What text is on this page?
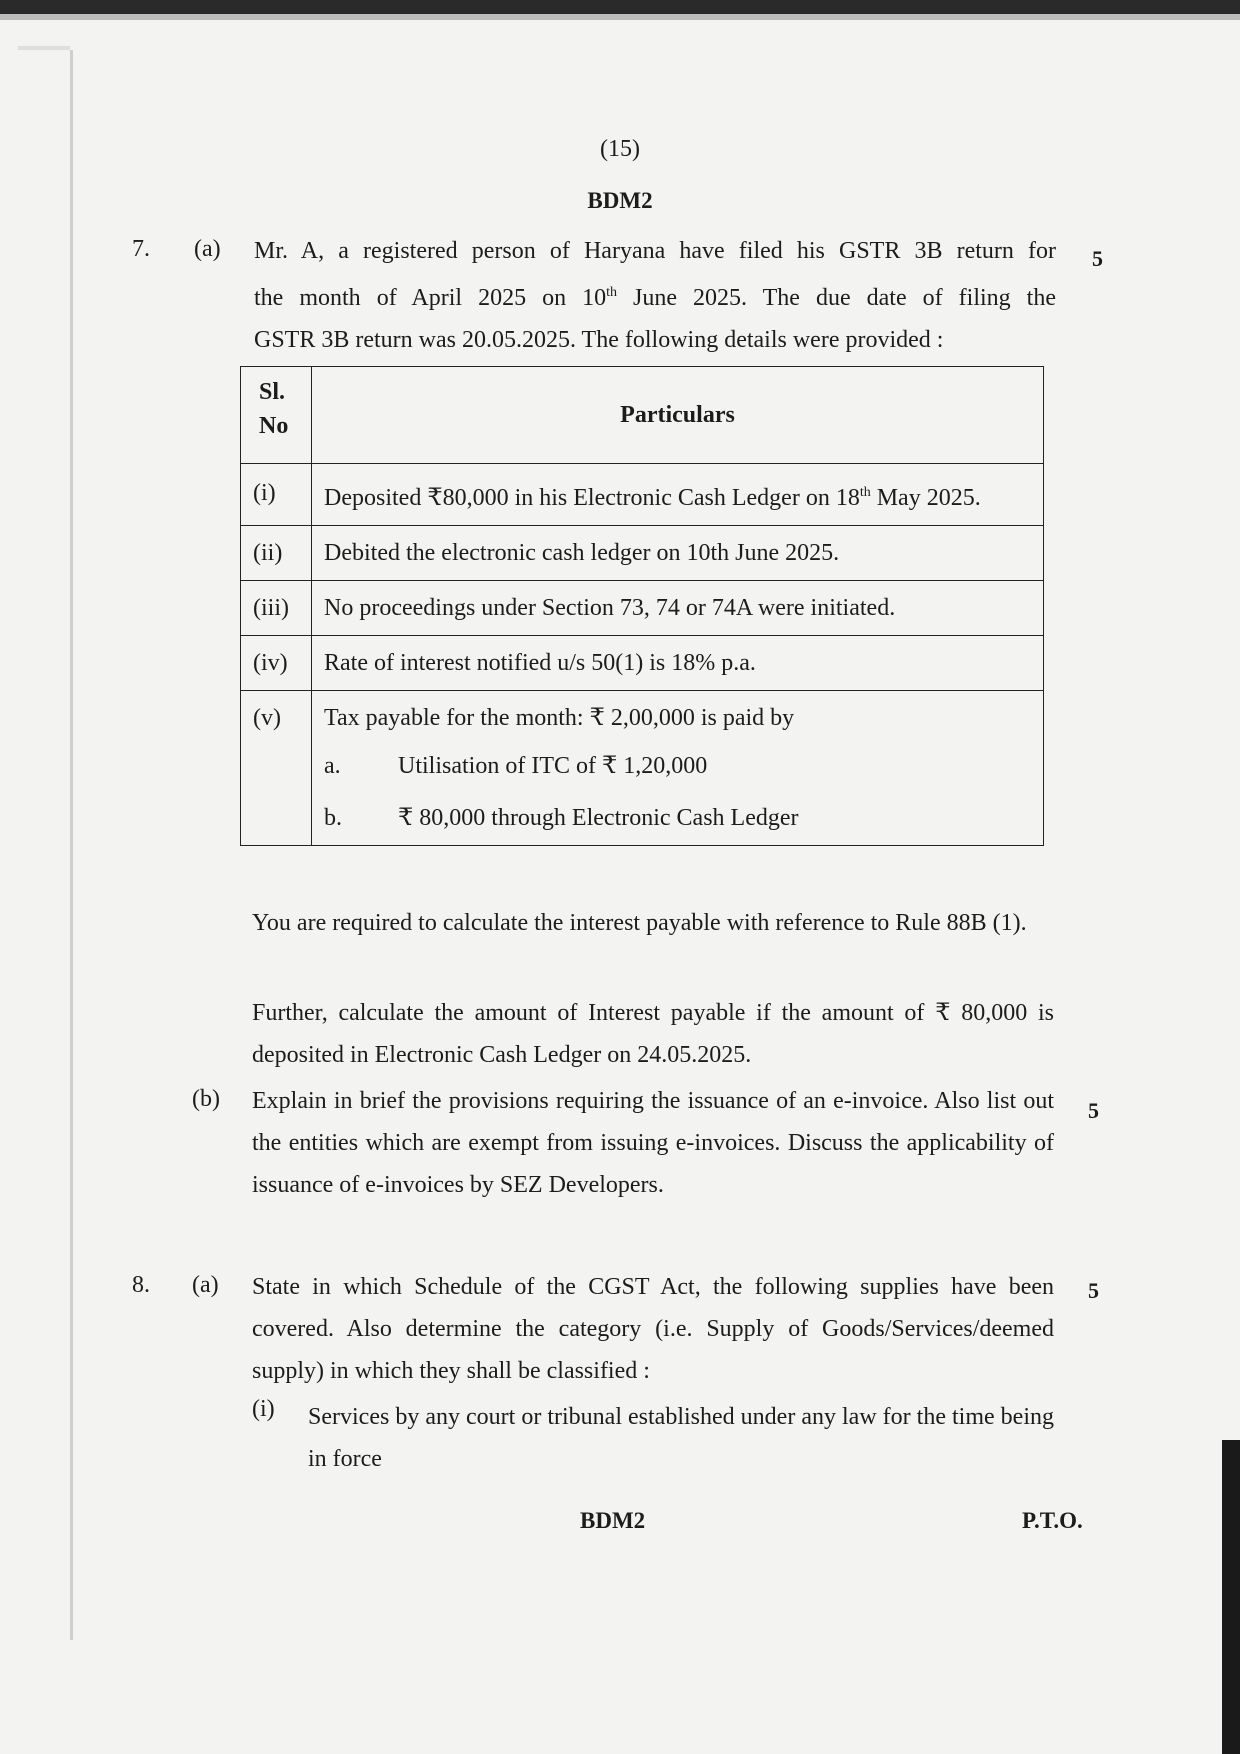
(15)
BDM2
7. (a)	5
Mr. A, a registered person of Haryana have filed his GSTR 3B return for
the month of April 2025 on 10th June 2025. The due date of filing the
GSTR 3B return was 20.05.2025. The following details were provided :
Sl.
No	Particulars
(i)	Deposited ₹80,000 in his Electronic Cash Ledger on 18th May 2025.
(ii)	Debited the electronic cash ledger on 10th June 2025.
(iii)	No proceedings under Section 73, 74 or 74A were initiated.
(iv)	Rate of interest notified u/s 50(1) is 18% p.a.
(v)	Tax payable for the month: ₹ 2,00,000 is paid by
a. Utilisation of ITC of ₹ 1,20,000
b. ₹ 80,000 through Electronic Cash Ledger
You are required to calculate the interest payable with reference to Rule 88B (1).
Further, calculate the amount of Interest payable if the amount of ₹ 80,000 is deposited in Electronic Cash Ledger on 24.05.2025.
(b)	5
Explain in brief the provisions requiring the issuance of an e-invoice. Also list out the entities which are exempt from issuing e-invoices. Discuss the applicability of issuance of e-invoices by SEZ Developers.
8. (a)	5
State in which Schedule of the CGST Act, the following supplies have been covered. Also determine the category (i.e. Supply of Goods/Services/deemed supply) in which they shall be classified :
(i) Services by any court or tribunal established under any law for the time being in force
BDM2	P.T.O.
